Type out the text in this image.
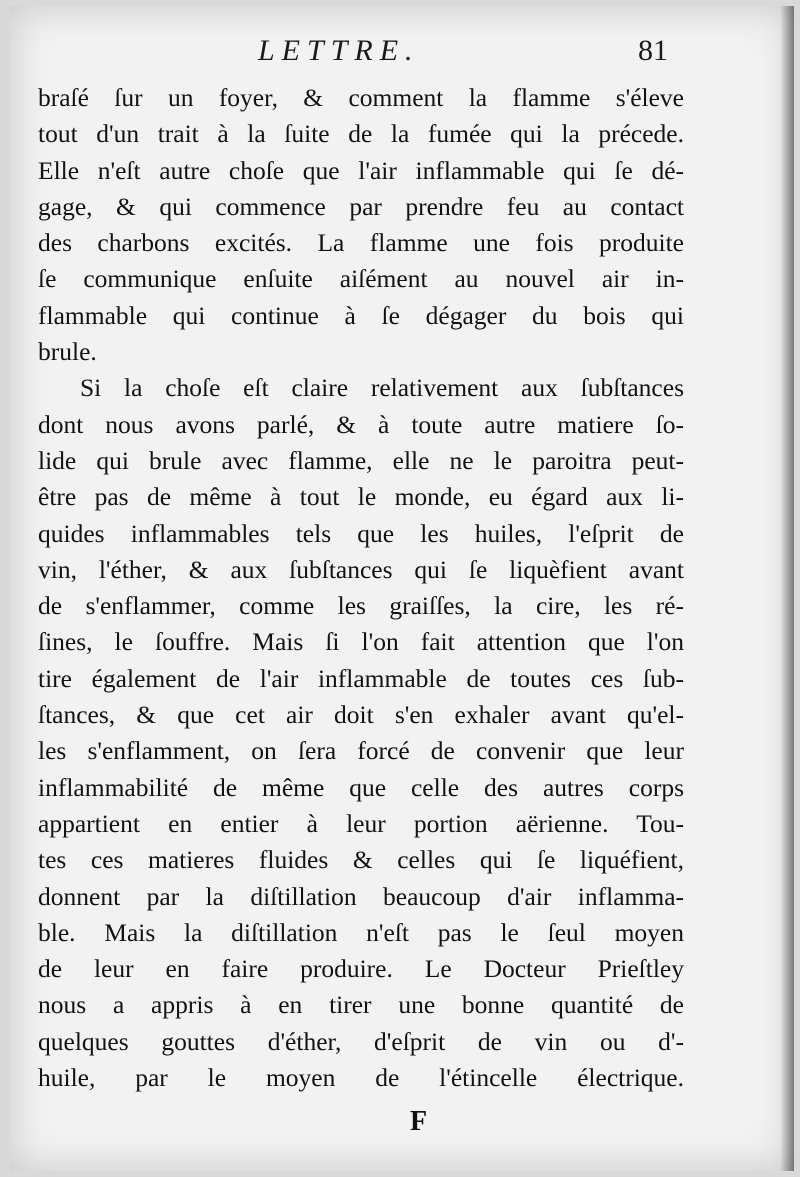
LETTRE.	81
braſé ſur un foyer, & comment la flamme s'éleve
tout d'un trait à la ſuite de la fumée qui la précede.
Elle n'eſt autre choſe que l'air inflammable qui ſe dé-
gage, & qui commence par prendre feu au contact
des charbons excités. La flamme une fois produite
ſe communique enſuite aiſément au nouvel air in-
flammable qui continue à ſe dégager du bois qui
brule.
Si la choſe eſt claire relativement aux ſubſtances
dont nous avons parlé, & à toute autre matiere ſo-
lide qui brule avec flamme, elle ne le paroitra peut-
être pas de même à tout le monde, eu égard aux li-
quides inflammables tels que les huiles, l'eſprit de
vin, l'éther, & aux ſubſtances qui ſe liquèfient avant
de s'enflammer, comme les graiſſes, la cire, les ré-
ſines, le ſouffre. Mais ſi l'on fait attention que l'on
tire également de l'air inflammable de toutes ces ſub-
ſtances, & que cet air doit s'en exhaler avant qu'el-
les s'enflamment, on ſera forcé de convenir que leur
inflammabilité de même que celle des autres corps
appartient en entier à leur portion aërienne. Tou-
tes ces matieres fluides & celles qui ſe liquéfient,
donnent par la diſtillation beaucoup d'air inflamma-
ble. Mais la diſtillation n'eſt pas le ſeul moyen
de leur en faire produire. Le Docteur Prieſtley
nous a appris à en tirer une bonne quantité de
quelques gouttes d'éther, d'eſprit de vin ou d'-
huile, par le moyen de l'étincelle électrique.
F
